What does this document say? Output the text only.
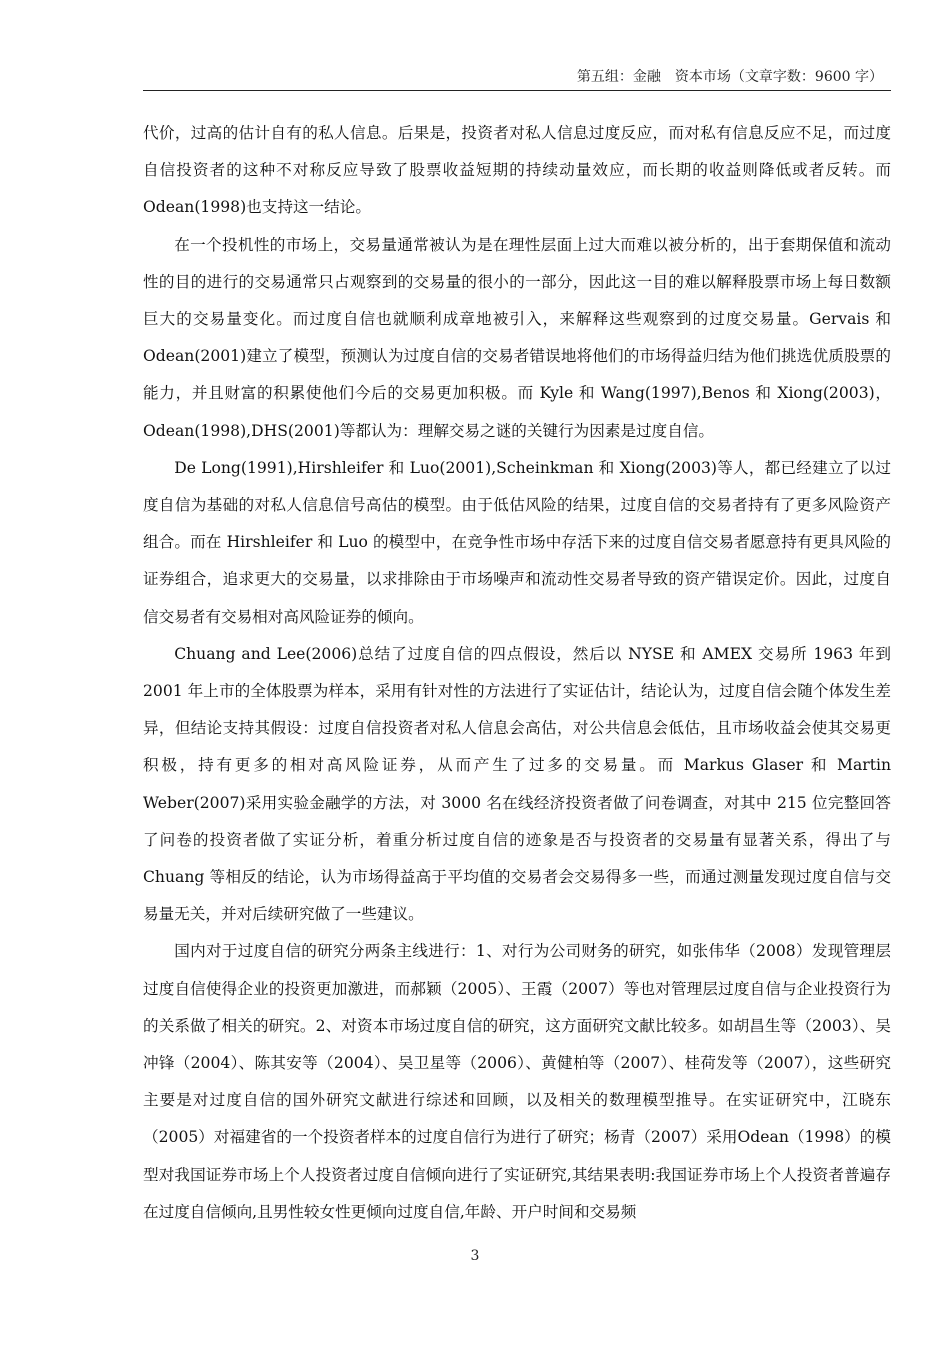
第五组：金融　资本市场（文章字数：9600 字）

代价，过高的估计自有的私人信息。后果是，投资者对私人信息过度反应，而对私有信息反应不足，而过度自信投资者的这种不对称反应导致了股票收益短期的持续动量效应，而长期的收益则降低或者反转。而 Odean(1998)也支持这一结论。

在一个投机性的市场上，交易量通常被认为是在理性层面上过大而难以被分析的，出于套期保值和流动性的目的进行的交易通常只占观察到的交易量的很小的一部分，因此这一目的难以解释股票市场上每日数额巨大的交易量变化。而过度自信也就顺利成章地被引入，来解释这些观察到的过度交易量。Gervais 和 Odean(2001)建立了模型，预测认为过度自信的交易者错误地将他们的市场得益归结为他们挑选优质股票的能力，并且财富的积累使他们今后的交易更加积极。而 Kyle 和 Wang(1997),Benos 和 Xiong(2003)，Odean(1998),DHS(2001)等都认为：理解交易之谜的关键行为因素是过度自信。

De Long(1991),Hirshleifer 和 Luo(2001),Scheinkman 和 Xiong(2003)等人，都已经建立了以过度自信为基础的对私人信息信号高估的模型。由于低估风险的结果，过度自信的交易者持有了更多风险资产组合。而在 Hirshleifer 和 Luo 的模型中，在竞争性市场中存活下来的过度自信交易者愿意持有更具风险的证券组合，追求更大的交易量，以求排除由于市场噪声和流动性交易者导致的资产错误定价。因此，过度自信交易者有交易相对高风险证券的倾向。

Chuang and Lee(2006)总结了过度自信的四点假设，然后以 NYSE 和 AMEX 交易所 1963 年到 2001 年上市的全体股票为样本，采用有针对性的方法进行了实证估计，结论认为，过度自信会随个体发生差异，但结论支持其假设：过度自信投资者对私人信息会高估，对公共信息会低估，且市场收益会使其交易更积极，持有更多的相对高风险证券，从而产生了过多的交易量。而 Markus Glaser 和 Martin Weber(2007)采用实验金融学的方法，对 3000 名在线经济投资者做了问卷调查，对其中 215 位完整回答了问卷的投资者做了实证分析，着重分析过度自信的迹象是否与投资者的交易量有显著关系，得出了与 Chuang 等相反的结论，认为市场得益高于平均值的交易者会交易得多一些，而通过测量发现过度自信与交易量无关，并对后续研究做了一些建议。

国内对于过度自信的研究分两条主线进行：1、对行为公司财务的研究，如张伟华（2008）发现管理层过度自信使得企业的投资更加激进，而郝颖（2005）、王霞（2007）等也对管理层过度自信与企业投资行为的关系做了相关的研究。2、对资本市场过度自信的研究，这方面研究文献比较多。如胡昌生等（2003）、吴冲锋（2004）、陈其安等（2004）、吴卫星等（2006）、黄健柏等（2007）、桂荷发等（2007），这些研究主要是对过度自信的国外研究文献进行综述和回顾，以及相关的数理模型推导。在实证研究中，江晓东（2005）对福建省的一个投资者样本的过度自信行为进行了研究；杨青（2007）采用Odean（1998）的模型对我国证券市场上个人投资者过度自信倾向进行了实证研究,其结果表明:我国证券市场上个人投资者普遍存在过度自信倾向,且男性较女性更倾向过度自信,年龄、开户时间和交易频

3
